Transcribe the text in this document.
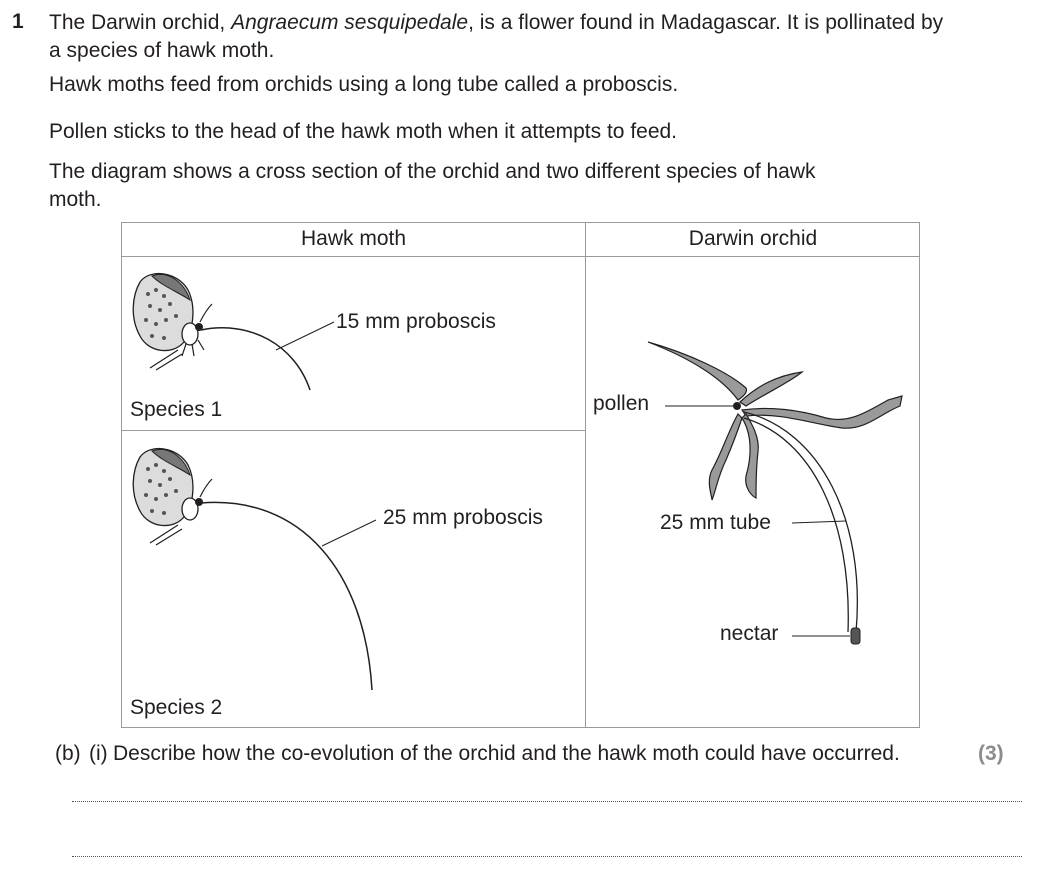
1 The Darwin orchid, Angraecum sesquipedale, is a flower found in Madagascar. It is pollinated by a species of hawk moth.

Hawk moths feed from orchids using a long tube called a proboscis.

Pollen sticks to the head of the hawk moth when it attempts to feed.

The diagram shows a cross section of the orchid and two different species of hawk moth.

Hawk moth	Darwin orchid
15 mm proboscis
Species 1
25 mm proboscis
Species 2
pollen
25 mm tube
nectar
(b) (i) Describe how the co-evolution of the orchid and the hawk moth could have occurred.	(3)
